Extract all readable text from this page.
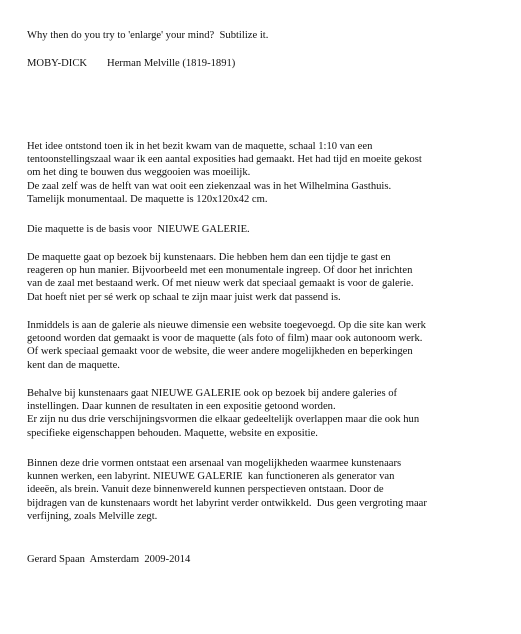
Why then do you try to 'enlarge' your mind?  Subtilize it.

MOBY-DICK Herman Melville (1819-1891)

Het idee ontstond toen ik in het bezit kwam van de maquette, schaal 1:10 van een
tentoonstellingszaal waar ik een aantal exposities had gemaakt. Het had tijd en moeite gekost
om het ding te bouwen dus weggooien was moeilijk.
De zaal zelf was de helft van wat ooit een ziekenzaal was in het Wilhelmina Gasthuis.
Tamelijk monumentaal. De maquette is 120x120x42 cm.

Die maquette is de basis voor  NIEUWE GALERIE.

De maquette gaat op bezoek bij kunstenaars. Die hebben hem dan een tijdje te gast en
reageren op hun manier. Bijvoorbeeld met een monumentale ingreep. Of door het inrichten
van de zaal met bestaand werk. Of met nieuw werk dat speciaal gemaakt is voor de galerie.
Dat hoeft niet per sé werk op schaal te zijn maar juist werk dat passend is.

Inmiddels is aan de galerie als nieuwe dimensie een website toegevoegd. Op die site kan werk
getoond worden dat gemaakt is voor de maquette (als foto of film) maar ook autonoom werk.
Of werk speciaal gemaakt voor de website, die weer andere mogelijkheden en beperkingen
kent dan de maquette.

Behalve bij kunstenaars gaat NIEUWE GALERIE ook op bezoek bij andere galeries of
instellingen. Daar kunnen de resultaten in een expositie getoond worden.
Er zijn nu dus drie verschijningsvormen die elkaar gedeeltelijk overlappen maar die ook hun
specifieke eigenschappen behouden. Maquette, website en expositie.

Binnen deze drie vormen ontstaat een arsenaal van mogelijkheden waarmee kunstenaars
kunnen werken, een labyrint. NIEUWE GALERIE  kan functioneren als generator van
ideeën, als brein. Vanuit deze binnenwereld kunnen perspectieven ontstaan. Door de
bijdragen van de kunstenaars wordt het labyrint verder ontwikkeld.  Dus geen vergroting maar
verfijning, zoals Melville zegt.

Gerard Spaan  Amsterdam  2009-2014
